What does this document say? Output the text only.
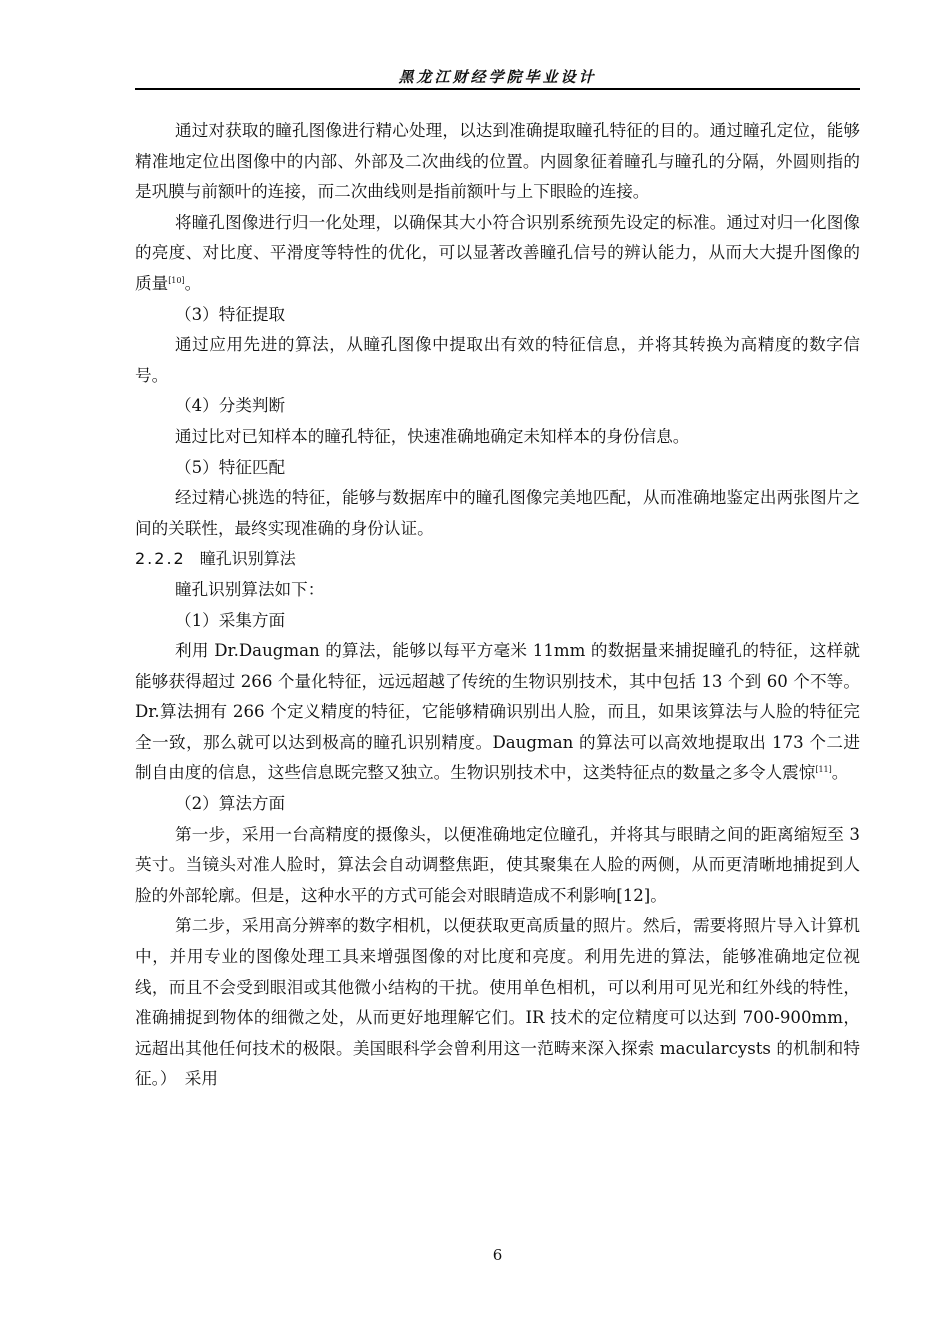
黑龙江财经学院毕业设计

通过对获取的瞳孔图像进行精心处理，以达到准确提取瞳孔特征的目的。通过瞳孔定位，能够精准地定位出图像中的内部、外部及二次曲线的位置。内圆象征着瞳孔与瞳孔的分隔，外圆则指的是巩膜与前额叶的连接，而二次曲线则是指前额叶与上下眼睑的连接。

将瞳孔图像进行归一化处理，以确保其大小符合识别系统预先设定的标准。通过对归一化图像的亮度、对比度、平滑度等特性的优化，可以显著改善瞳孔信号的辨认能力，从而大大提升图像的质量[10]。

（3）特征提取

通过应用先进的算法，从瞳孔图像中提取出有效的特征信息，并将其转换为高精度的数字信号。

（4）分类判断

通过比对已知样本的瞳孔特征，快速准确地确定未知样本的身份信息。

（5）特征匹配

经过精心挑选的特征，能够与数据库中的瞳孔图像完美地匹配，从而准确地鉴定出两张图片之间的关联性，最终实现准确的身份认证。

2.2.2 瞳孔识别算法

瞳孔识别算法如下：

（1）采集方面

利用 Dr.Daugman 的算法，能够以每平方毫米 11mm 的数据量来捕捉瞳孔的特征，这样就能够获得超过 266 个量化特征，远远超越了传统的生物识别技术，其中包括 13 个到 60 个不等。Dr.算法拥有 266 个定义精度的特征，它能够精确识别出人脸，而且，如果该算法与人脸的特征完全一致，那么就可以达到极高的瞳孔识别精度。Daugman 的算法可以高效地提取出 173 个二进制自由度的信息，这些信息既完整又独立。生物识别技术中，这类特征点的数量之多令人震惊[11]。

（2）算法方面

第一步，采用一台高精度的摄像头，以便准确地定位瞳孔，并将其与眼睛之间的距离缩短至 3 英寸。当镜头对准人脸时，算法会自动调整焦距，使其聚集在人脸的两侧，从而更清晰地捕捉到人脸的外部轮廓。但是，这种水平的方式可能会对眼睛造成不利影响[12]。

第二步，采用高分辨率的数字相机，以便获取更高质量的照片。然后，需要将照片导入计算机中，并用专业的图像处理工具来增强图像的对比度和亮度。利用先进的算法，能够准确地定位视线，而且不会受到眼泪或其他微小结构的干扰。使用单色相机，可以利用可见光和红外线的特性，准确捕捉到物体的细微之处，从而更好地理解它们。IR 技术的定位精度可以达到 700-900mm，远超出其他任何技术的极限。美国眼科学会曾利用这一范畴来深入探索 macularcysts 的机制和特征。）　采用

6
